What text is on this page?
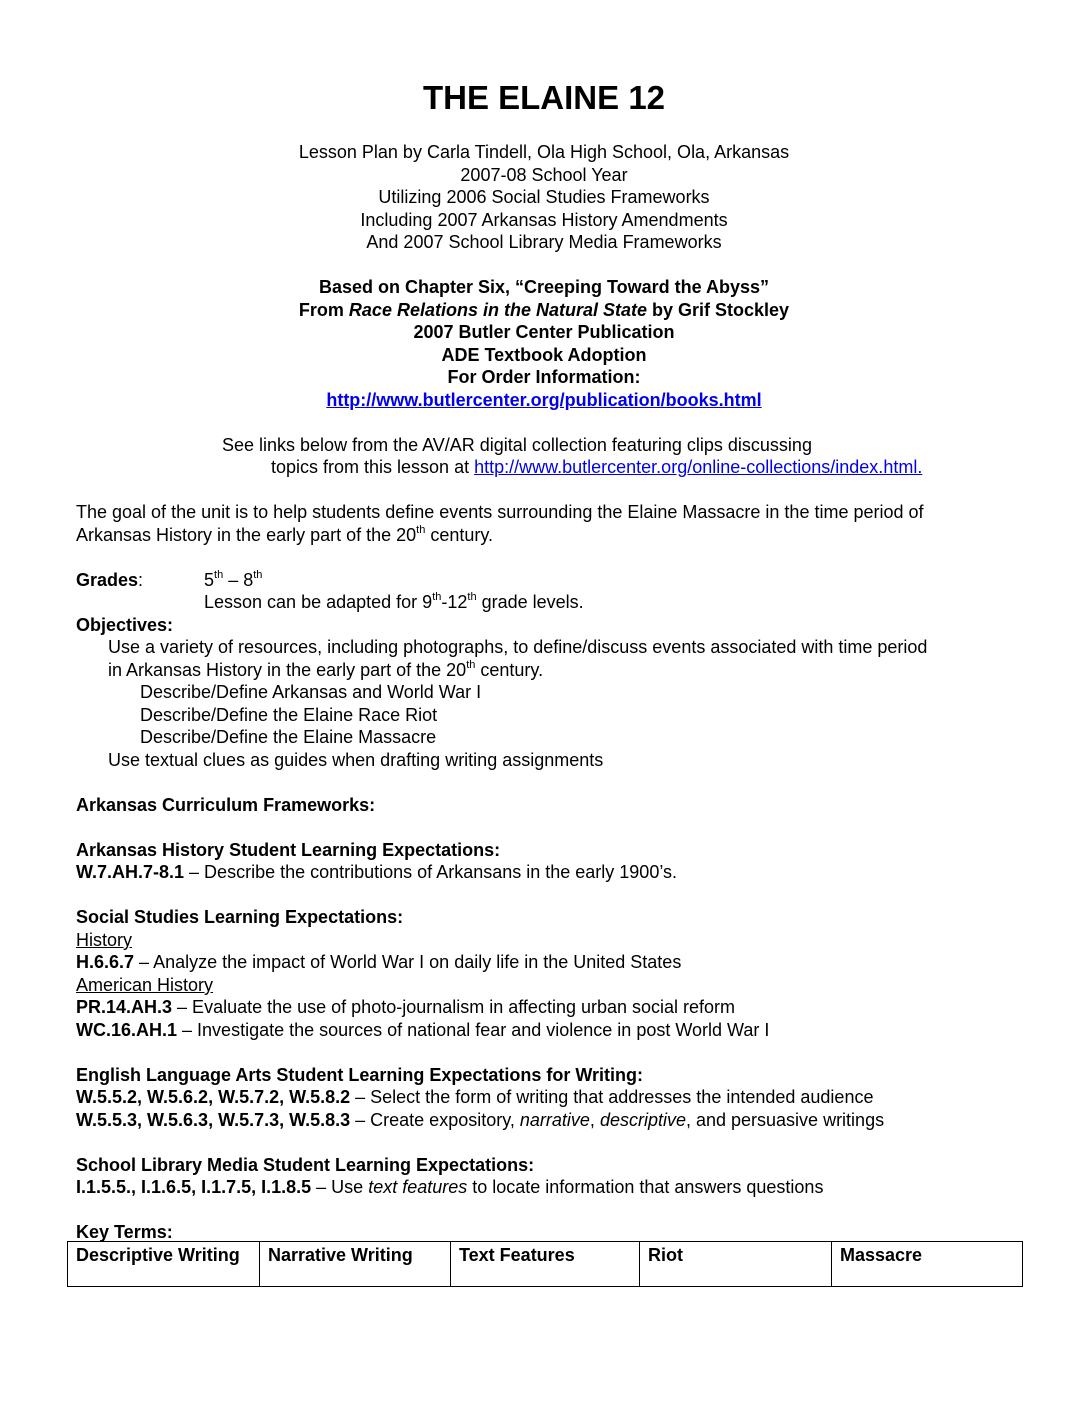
THE ELAINE 12
Lesson Plan by Carla Tindell, Ola High School, Ola, Arkansas
2007-08 School Year
Utilizing 2006 Social Studies Frameworks
Including 2007 Arkansas History Amendments
And 2007 School Library Media Frameworks
Based on Chapter Six, “Creeping Toward the Abyss”
From Race Relations in the Natural State by Grif Stockley
2007 Butler Center Publication
ADE Textbook Adoption
For Order Information:
http://www.butlercenter.org/publication/books.html
See links below from the AV/AR digital collection featuring clips discussing
topics from this lesson at http://www.butlercenter.org/online-collections/index.html.
The goal of the unit is to help students define events surrounding the Elaine Massacre in the time period of
Arkansas History in the early part of the 20th century.
Grades:	5th – 8th
Lesson can be adapted for 9th-12th grade levels.
Objectives:
Use a variety of resources, including photographs, to define/discuss events associated with time period
in Arkansas History in the early part of the 20th century.
Describe/Define Arkansas and World War I
Describe/Define the Elaine Race Riot
Describe/Define the Elaine Massacre
Use textual clues as guides when drafting writing assignments
Arkansas Curriculum Frameworks:
Arkansas History Student Learning Expectations:
W.7.AH.7-8.1 – Describe the contributions of Arkansans in the early 1900’s.
Social Studies Learning Expectations:
History
H.6.6.7 – Analyze the impact of World War I on daily life in the United States
American History
PR.14.AH.3 – Evaluate the use of photo-journalism in affecting urban social reform
WC.16.AH.1 – Investigate the sources of national fear and violence in post World War I
English Language Arts Student Learning Expectations for Writing:
W.5.5.2, W.5.6.2, W.5.7.2, W.5.8.2 – Select the form of writing that addresses the intended audience
W.5.5.3, W.5.6.3, W.5.7.3, W.5.8.3 – Create expository, narrative, descriptive, and persuasive writings
School Library Media Student Learning Expectations:
I.1.5.5., I.1.6.5, I.1.7.5, I.1.8.5 – Use text features to locate information that answers questions
Key Terms:
Descriptive Writing	Narrative Writing	Text Features	Riot	Massacre
